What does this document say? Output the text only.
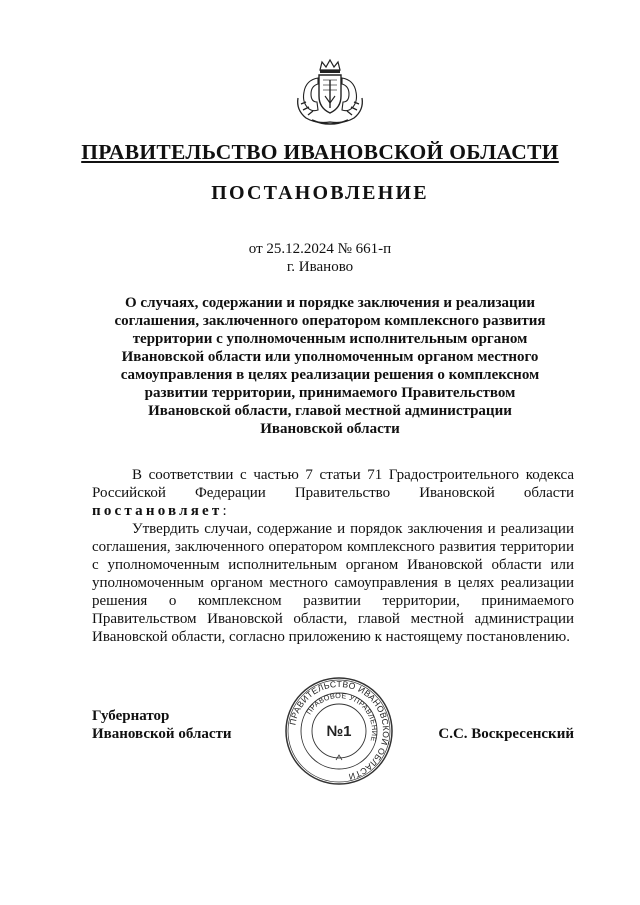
ПРАВИТЕЛЬСТВО ИВАНОВСКОЙ ОБЛАСТИ
ПОСТАНОВЛЕНИЕ
от 25.12.2024 № 661-п
г. Иваново

О случаях, содержании и порядке заключения и реализации соглашения, заключенного оператором комплексного развития территории с уполномоченным исполнительным органом Ивановской области или уполномоченным органом местного самоуправления в целях реализации решения о комплексном развитии территории, принимаемого Правительством Ивановской области, главой местной администрации Ивановской области

В соответствии с частью 7 статьи 71 Градостроительного кодекса Российской Федерации Правительство Ивановской области постановляет:

Утвердить случаи, содержание и порядок заключения и реализации соглашения, заключенного оператором комплексного развития территории с уполномоченным исполнительным органом Ивановской области или уполномоченным органом местного самоуправления в целях реализации решения о комплексном развитии территории, принимаемого Правительством Ивановской области, главой местной администрации Ивановской области, согласно приложению к настоящему постановлению.

Губернатор
Ивановской области	С.С. Воскресенский
ПРАВИТЕЛЬСТВО ИВАНОВСКОЙ ОБЛАСТИ
ПРАВОВОЕ УПРАВЛЕНИЕ
№1
